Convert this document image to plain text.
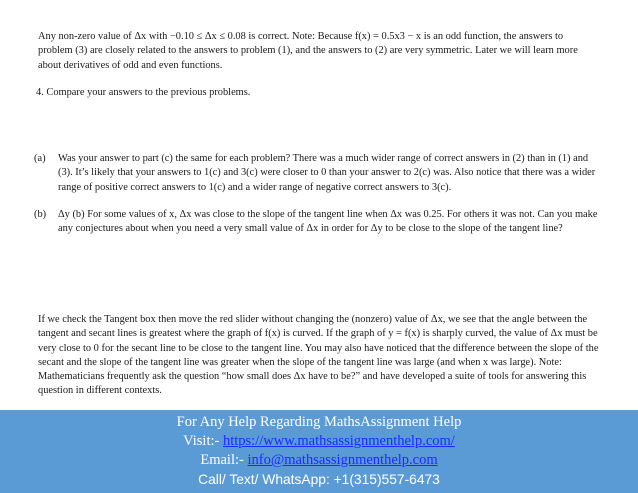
Any non-zero value of Δx with −0.10 ≤ Δx ≤ 0.08 is correct. Note: Because f(x) = 0.5x3 − x is an odd function, the answers to problem (3) are closely related to the answers to problem (1), and the answers to (2) are very symmetric. Later we will learn more about derivatives of odd and even functions.
4. Compare your answers to the previous problems.
(a) Was your answer to part (c) the same for each problem? There was a much wider range of correct answers in (2) than in (1) and (3). It’s likely that your answers to 1(c) and 3(c) were closer to 0 than your answer to 2(c) was. Also notice that there was a wider range of positive correct answers to 1(c) and a wider range of negative correct answers to 3(c).
(b) Δy (b) For some values of x, Δx was close to the slope of the tangent line when Δx was 0.25. For others it was not. Can you make any conjectures about when you need a very small value of Δx in order for Δy to be close to the slope of the tangent line?
If we check the Tangent box then move the red slider without changing the (nonzero) value of Δx, we see that the angle between the tangent and secant lines is greatest where the graph of f(x) is curved. If the graph of y = f(x) is sharply curved, the value of Δx must be very close to 0 for the secant line to be close to the tangent line. You may also have noticed that the difference between the slope of the secant and the slope of the tangent line was greater when the slope of the tangent line was large (and when x was large). Note: Mathematicians frequently ask the question “how small does Δx have to be?” and have developed a suite of tools for answering this question in different contexts.
For Any Help Regarding MathsAssignment Help
Visit:- https://www.mathsassignmenthelp.com/
Email:- info@mathsassignmenthelp.com
Call/ Text/ WhatsApp: +1(315)557-6473
